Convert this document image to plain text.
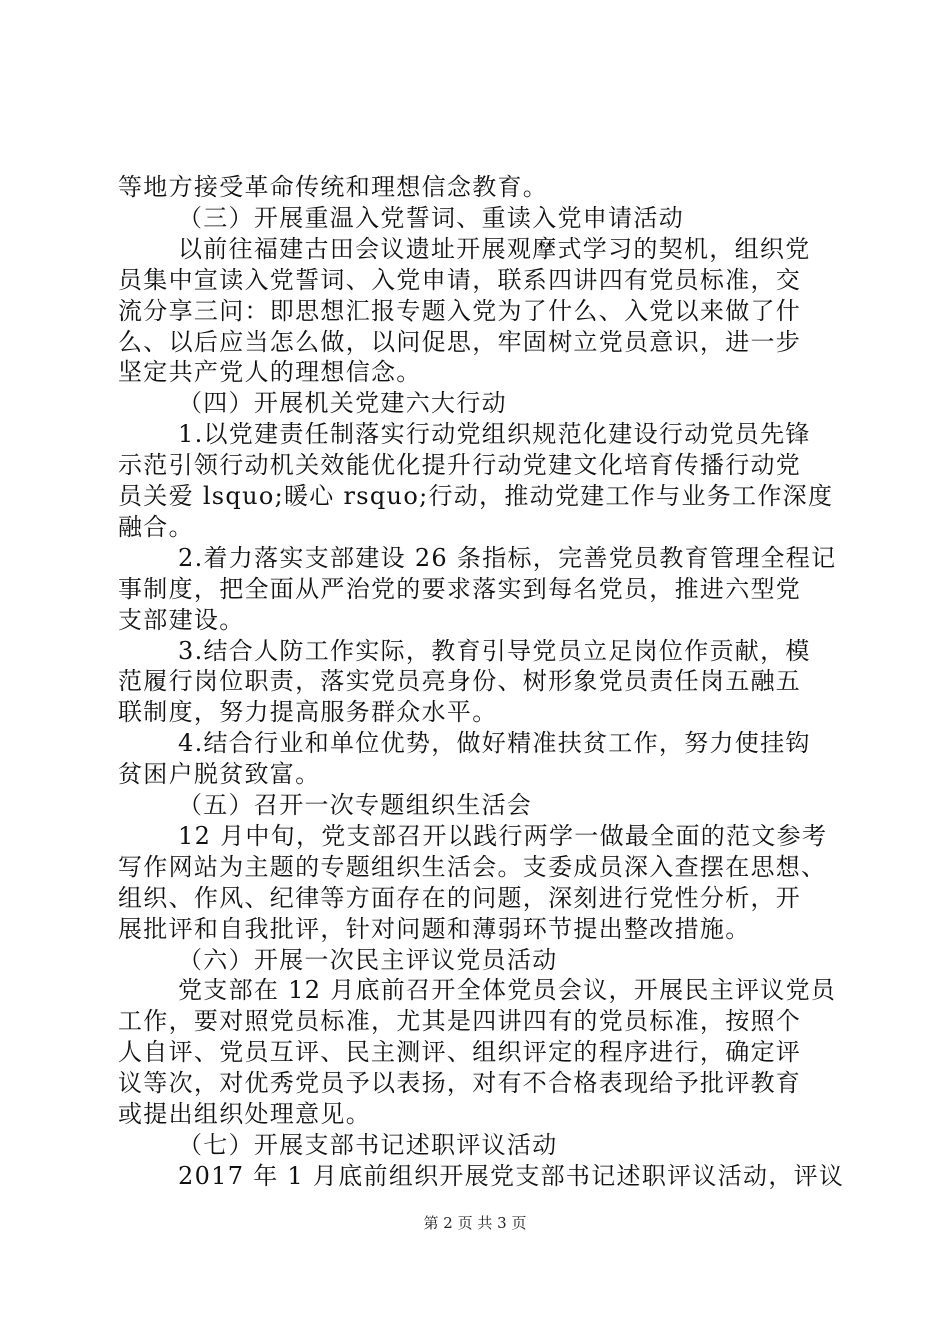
等地方接受革命传统和理想信念教育。
（三）开展重温入党誓词、重读入党申请活动
以前往福建古田会议遗址开展观摩式学习的契机，组织党
员集中宣读入党誓词、入党申请，联系四讲四有党员标准，交
流分享三问：即思想汇报专题入党为了什么、入党以来做了什
么、以后应当怎么做，以问促思，牢固树立党员意识，进一步
坚定共产党人的理想信念。
（四）开展机关党建六大行动
1.以党建责任制落实行动党组织规范化建设行动党员先锋
示范引领行动机关效能优化提升行动党建文化培育传播行动党
员关爱 lsquo;暖心 rsquo;行动，推动党建工作与业务工作深度
融合。
2.着力落实支部建设 26 条指标，完善党员教育管理全程记
事制度，把全面从严治党的要求落实到每名党员，推进六型党
支部建设。
3.结合人防工作实际，教育引导党员立足岗位作贡献，模
范履行岗位职责，落实党员亮身份、树形象党员责任岗五融五
联制度，努力提高服务群众水平。
4.结合行业和单位优势，做好精准扶贫工作，努力使挂钩
贫困户脱贫致富。
（五）召开一次专题组织生活会
12 月中旬，党支部召开以践行两学一做最全面的范文参考
写作网站为主题的专题组织生活会。支委成员深入查摆在思想、
组织、作风、纪律等方面存在的问题，深刻进行党性分析，开
展批评和自我批评，针对问题和薄弱环节提出整改措施。
（六）开展一次民主评议党员活动
党支部在 12 月底前召开全体党员会议，开展民主评议党员
工作，要对照党员标准，尤其是四讲四有的党员标准，按照个
人自评、党员互评、民主测评、组织评定的程序进行，确定评
议等次，对优秀党员予以表扬，对有不合格表现给予批评教育
或提出组织处理意见。
（七）开展支部书记述职评议活动
2017 年 1 月底前组织开展党支部书记述职评议活动，评议
第 2 页 共 3 页
